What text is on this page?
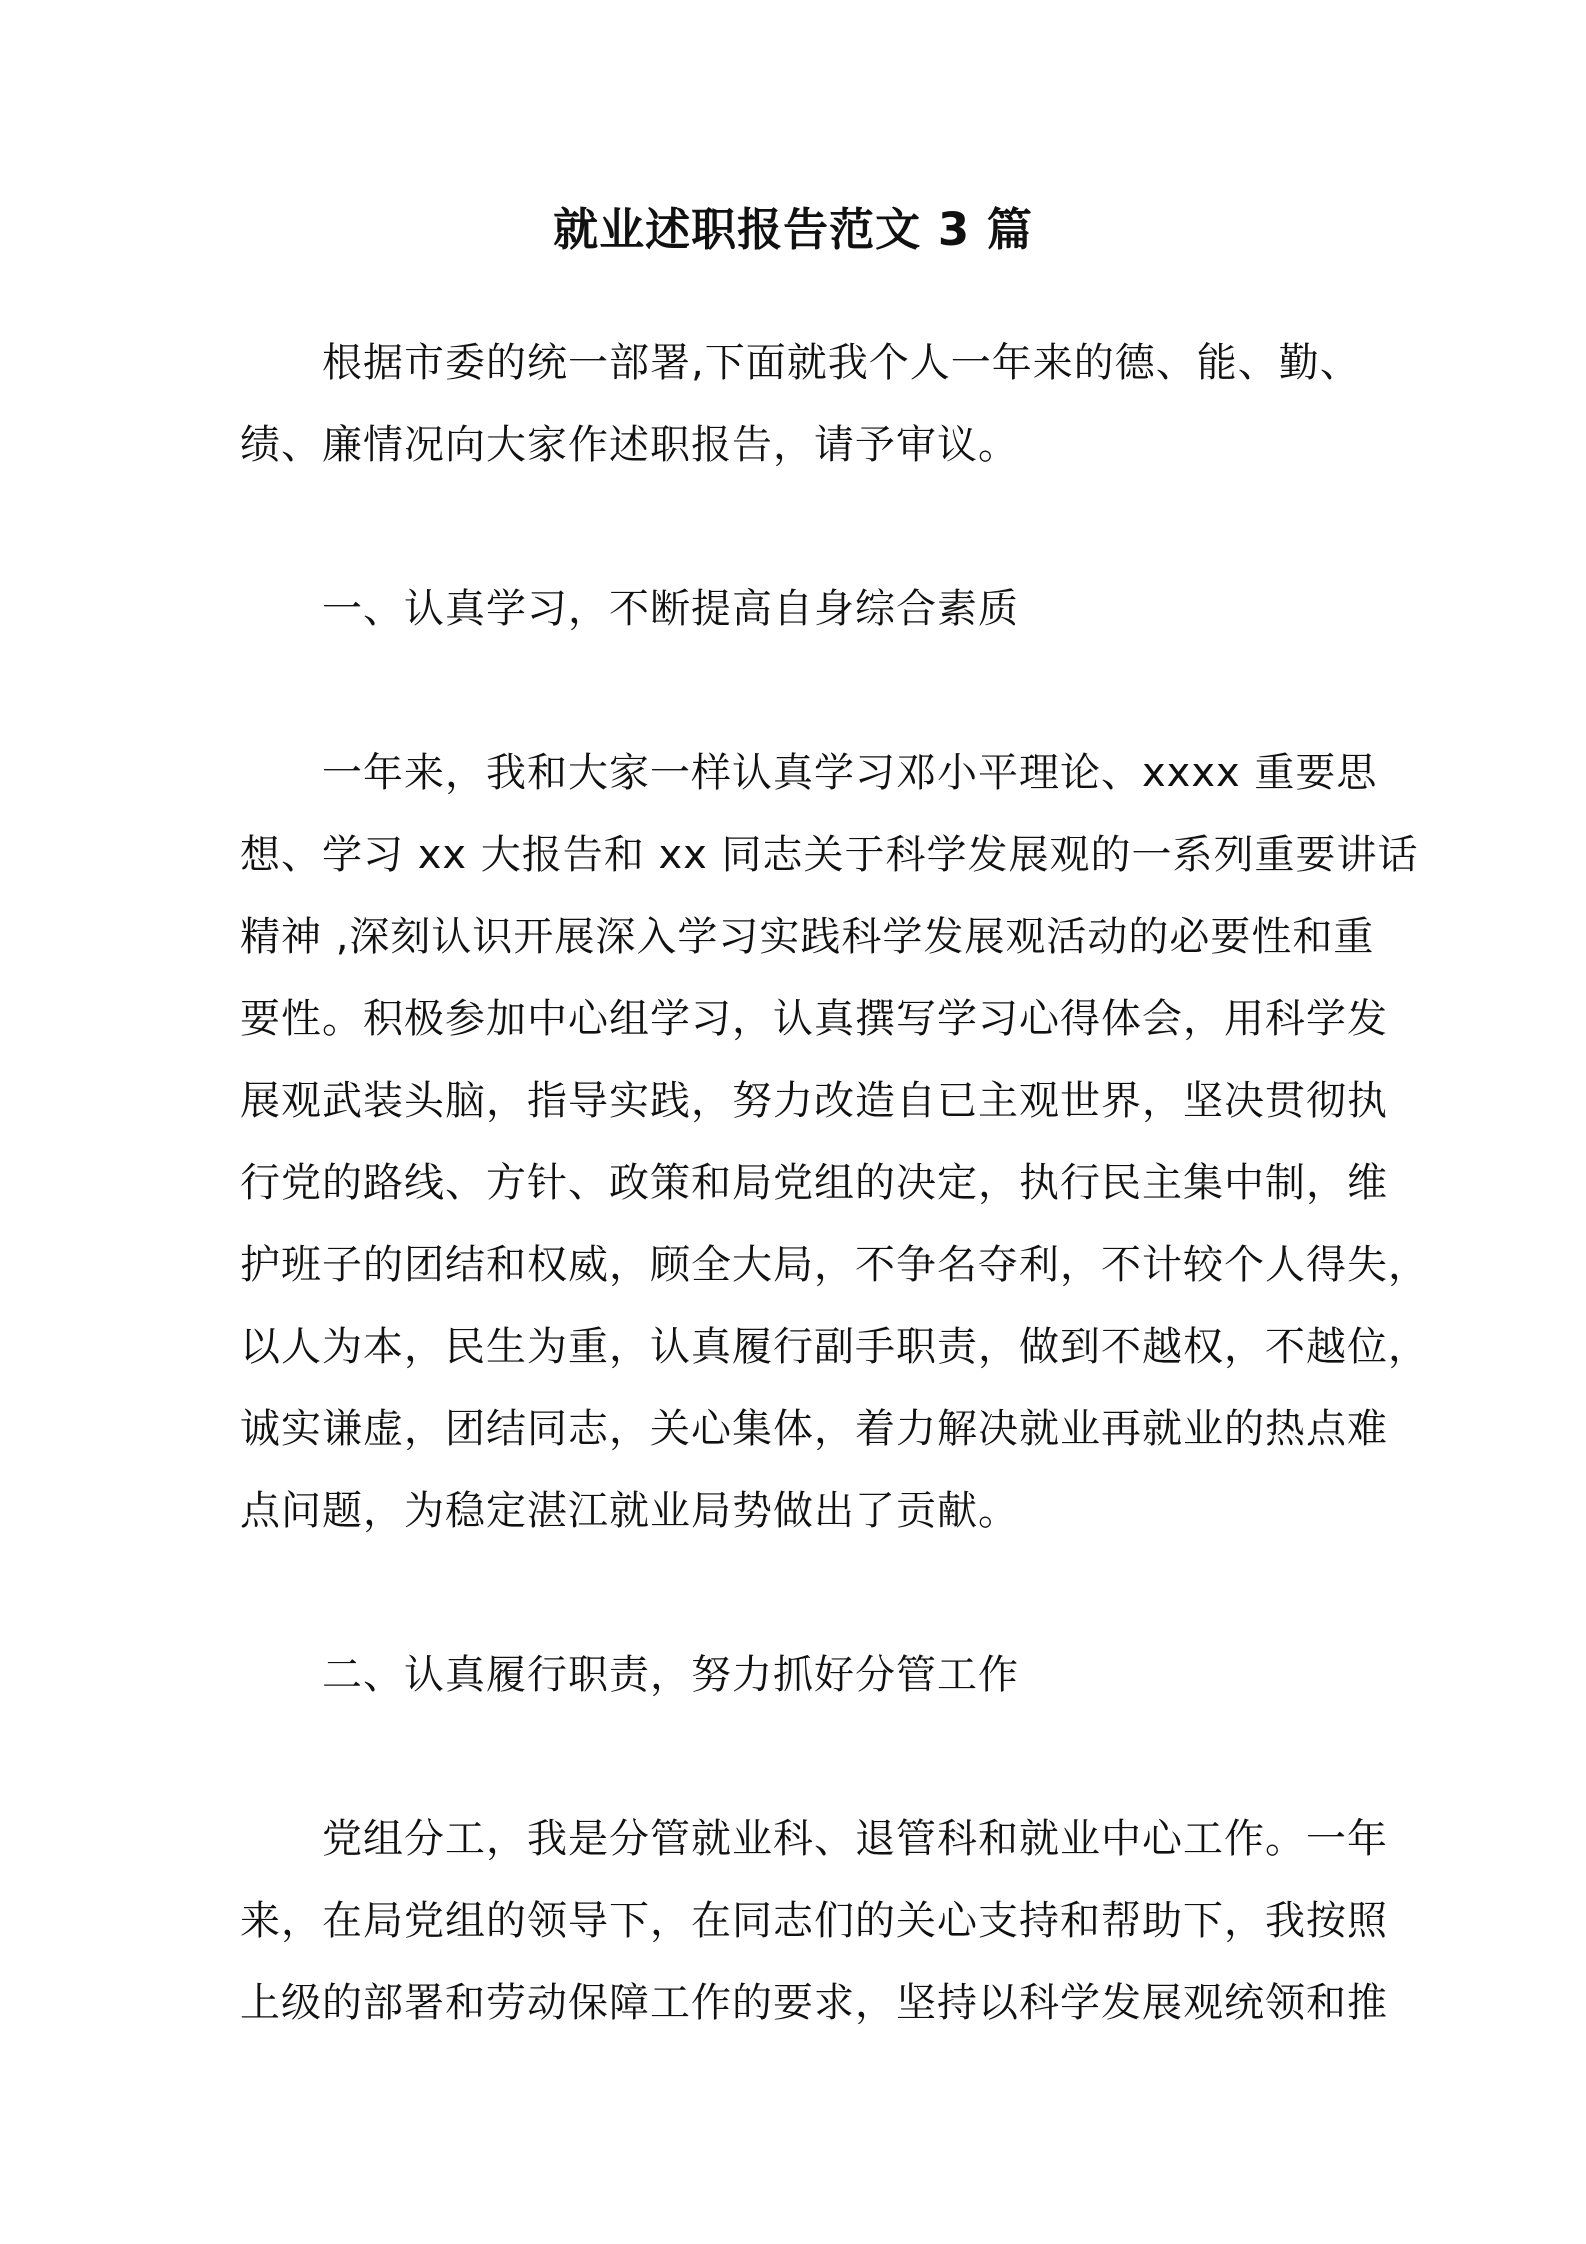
就业述职报告范文 3 篇
根据市委的统一部署,下面就我个人一年来的德、能、勤、
绩、廉情况向大家作述职报告，请予审议。
一、认真学习，不断提高自身综合素质
一年来，我和大家一样认真学习邓小平理论、xxxx 重要思
想、学习 xx 大报告和 xx 同志关于科学发展观的一系列重要讲话
精神 ,深刻认识开展深入学习实践科学发展观活动的必要性和重
要性。积极参加中心组学习，认真撰写学习心得体会，用科学发
展观武装头脑，指导实践，努力改造自已主观世界，坚决贯彻执
行党的路线、方针、政策和局党组的决定，执行民主集中制，维
护班子的团结和权威，顾全大局，不争名夺利，不计较个人得失，
以人为本，民生为重，认真履行副手职责，做到不越权，不越位，
诚实谦虚，团结同志，关心集体，着力解决就业再就业的热点难
点问题，为稳定湛江就业局势做出了贡献。
二、认真履行职责，努力抓好分管工作
党组分工，我是分管就业科、退管科和就业中心工作。一年
来，在局党组的领导下，在同志们的关心支持和帮助下，我按照
上级的部署和劳动保障工作的要求，坚持以科学发展观统领和推
